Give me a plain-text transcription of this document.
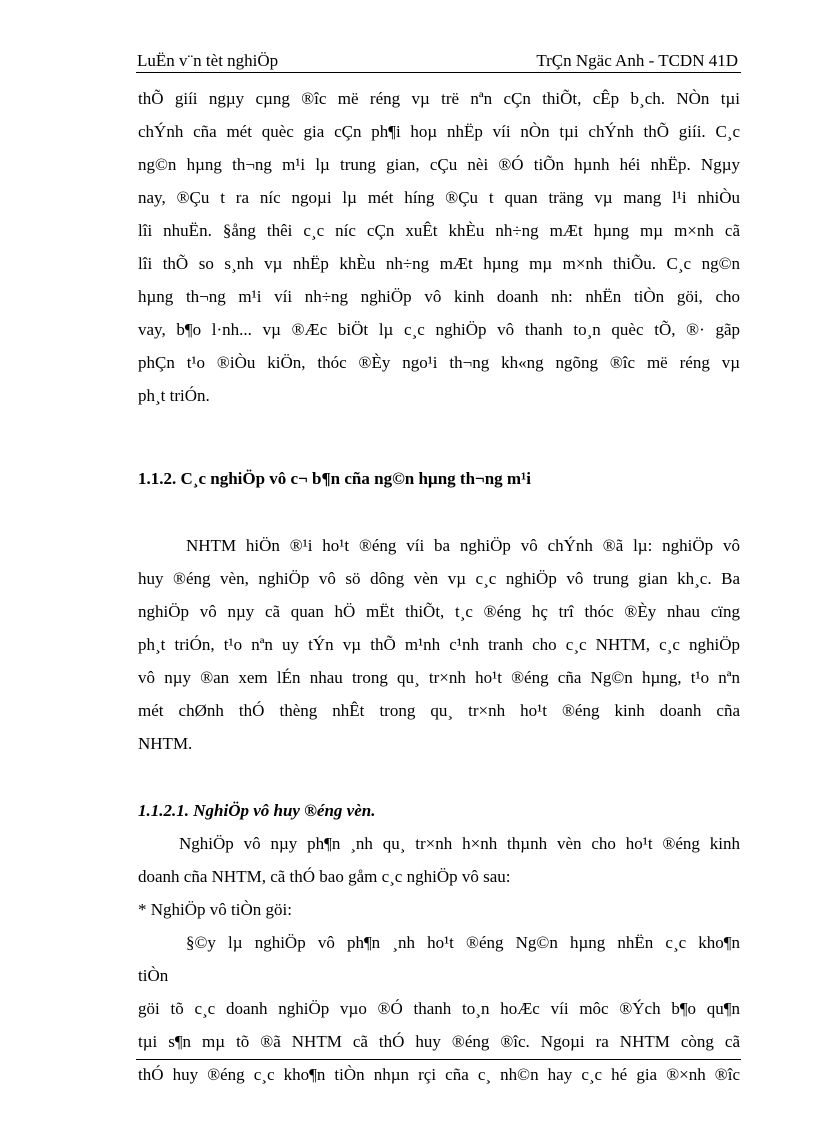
LuËn v¨n tèt nghiÖp	TrÇn Ngäc Anh - TCDN 41D
thÕ giíi ngµy cµng ®îc më réng vµ trë nªn cÇn thiÕt, cÊp b¸ch. NÒn tµi
chÝnh cña mét quèc gia cÇn ph¶i hoµ nhËp víi nÒn tµi chÝnh thÕ giíi. C¸c
ng©n hµng th¬ng m¹i lµ trung gian, cÇu nèi ®Ó tiÕn hµnh héi nhËp. Ngµy
nay, ®Çu t ra níc ngoµi lµ mét híng ®Çu t quan träng vµ mang l¹i nhiÒu
lîi nhuËn. §ång thêi c¸c níc cÇn xuÊt khÈu nh÷ng mÆt hµng mµ m×nh cã
lîi thÕ so s¸nh vµ nhËp khÈu nh÷ng mÆt hµng mµ m×nh thiÕu. C¸c ng©n
hµng th¬ng m¹i víi nh÷ng nghiÖp vô kinh doanh nh: nhËn tiÒn göi, cho
vay, b¶o l·nh... vµ ®Æc biÖt lµ c¸c nghiÖp vô thanh to¸n quèc tÕ, ®· gãp
phÇn t¹o ®iÒu kiÖn, thóc ®Èy ngo¹i th¬ng kh«ng ngõng ®îc më réng vµ
ph¸t triÓn.
1.1.2. C¸c nghiÖp vô c¬ b¶n cña ng©n hµng th¬ng m¹i
NHTM hiÖn ®¹i ho¹t ®éng víi ba nghiÖp vô chÝnh ®ã lµ: nghiÖp vô
huy ®éng vèn, nghiÖp vô sö dông vèn vµ c¸c nghiÖp vô trung gian kh¸c. Ba
nghiÖp vô nµy cã quan hÖ mËt thiÕt, t¸c ®éng hç trî thóc ®Èy nhau cïng
ph¸t triÓn, t¹o nªn uy tÝn vµ thÕ m¹nh c¹nh tranh cho c¸c NHTM, c¸c nghiÖp
vô nµy ®an xem lÉn nhau trong qu¸ tr×nh ho¹t ®éng cña Ng©n hµng, t¹o nªn
mét chØnh thÓ thèng nhÊt trong qu¸ tr×nh ho¹t ®éng kinh doanh cña
NHTM.
1.1.2.1. NghiÖp vô huy ®éng vèn.
NghiÖp vô nµy ph¶n ¸nh qu¸ tr×nh h×nh thµnh vèn cho ho¹t ®éng kinh
doanh cña NHTM, cã thÓ bao gåm c¸c nghiÖp vô sau:
* NghiÖp vô tiÒn göi:
§©y lµ nghiÖp vô ph¶n ¸nh ho¹t ®éng Ng©n hµng nhËn c¸c kho¶n
tiÒn
göi tõ c¸c doanh nghiÖp vµo ®Ó thanh to¸n hoÆc víi môc ®Ých b¶o qu¶n
tµi s¶n mµ tõ ®ã NHTM cã thÓ huy ®éng ®îc. Ngoµi ra NHTM còng cã
thÓ huy ®éng c¸c kho¶n tiÒn nhµn rçi cña c¸ nh©n hay c¸c hé gia ®×nh ®îc
